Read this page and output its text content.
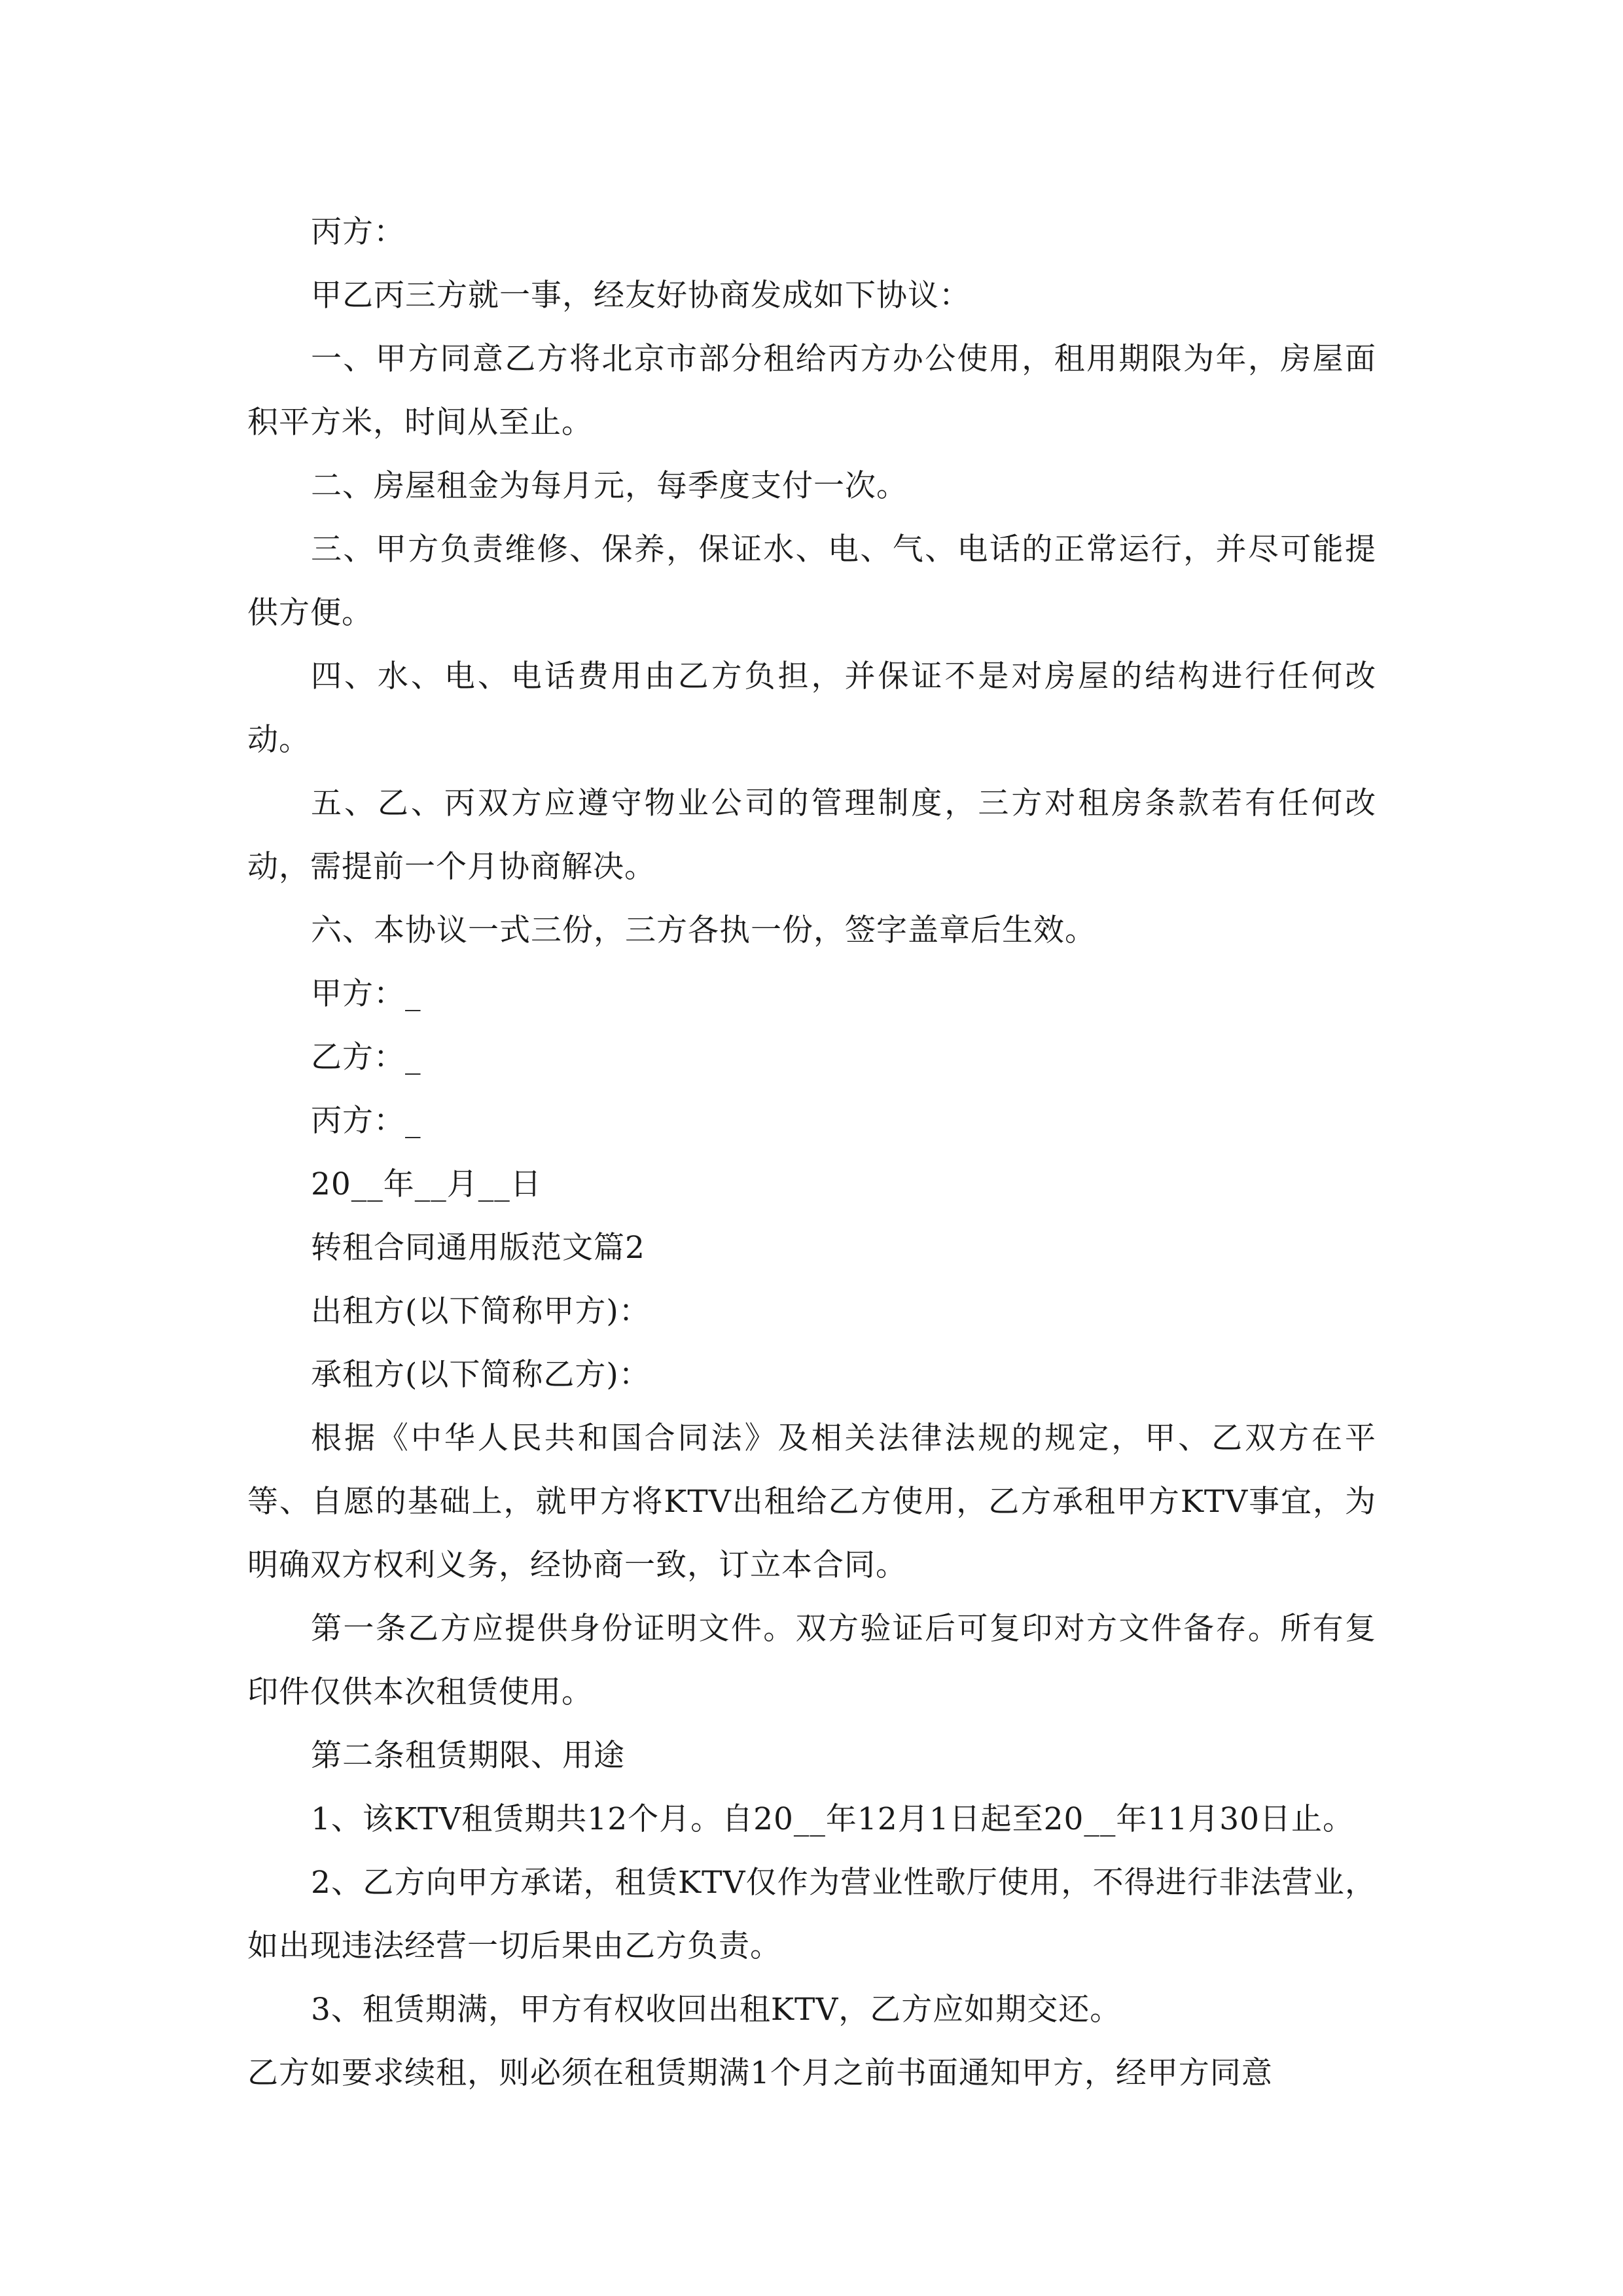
丙方：

甲乙丙三方就一事，经友好协商发成如下协议：

一、甲方同意乙方将北京市部分租给丙方办公使用，租用期限为年，房屋面积平方米，时间从至止。

二、房屋租金为每月元，每季度支付一次。

三、甲方负责维修、保养，保证水、电、气、电话的正常运行，并尽可能提供方便。

四、水、电、电话费用由乙方负担，并保证不是对房屋的结构进行任何改动。

五、乙、丙双方应遵守物业公司的管理制度，三方对租房条款若有任何改动，需提前一个月协商解决。

六、本协议一式三份，三方各执一份，签字盖章后生效。

甲方：_

乙方：_

丙方：_

20__年__月__日

转租合同通用版范文篇2

出租方(以下简称甲方)：

承租方(以下简称乙方)：

根据《中华人民共和国合同法》及相关法律法规的规定，甲、乙双方在平等、自愿的基础上，就甲方将KTV出租给乙方使用，乙方承租甲方KTV事宜，为明确双方权利义务，经协商一致，订立本合同。

第一条乙方应提供身份证明文件。双方验证后可复印对方文件备存。所有复印件仅供本次租赁使用。

第二条租赁期限、用途

1、该KTV租赁期共12个月。自20__年12月1日起至20__年11月30日止。

2、乙方向甲方承诺，租赁KTV仅作为营业性歌厅使用，不得进行非法营业，如出现违法经营一切后果由乙方负责。

3、租赁期满，甲方有权收回出租KTV，乙方应如期交还。

乙方如要求续租，则必须在租赁期满1个月之前书面通知甲方，经甲方同意
